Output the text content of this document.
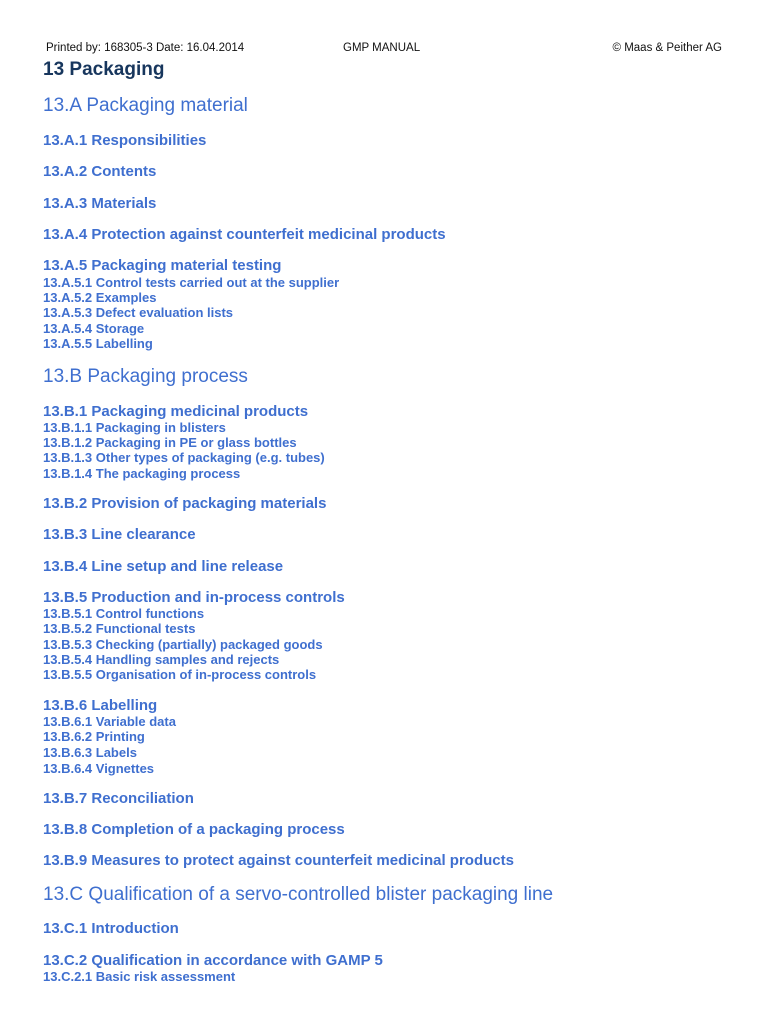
Printed by: 168305-3 Date: 16.04.2014	GMP MANUAL	© Maas & Peither AG
13 Packaging
13.A Packaging material
13.A.1 Responsibilities
13.A.2 Contents
13.A.3 Materials
13.A.4 Protection against counterfeit medicinal products
13.A.5 Packaging material testing
13.A.5.1 Control tests carried out at the supplier
13.A.5.2 Examples
13.A.5.3 Defect evaluation lists
13.A.5.4 Storage
13.A.5.5 Labelling
13.B Packaging process
13.B.1 Packaging medicinal products
13.B.1.1 Packaging in blisters
13.B.1.2 Packaging in PE or glass bottles
13.B.1.3 Other types of packaging (e.g. tubes)
13.B.1.4 The packaging process
13.B.2 Provision of packaging materials
13.B.3 Line clearance
13.B.4 Line setup and line release
13.B.5 Production and in-process controls
13.B.5.1 Control functions
13.B.5.2 Functional tests
13.B.5.3 Checking (partially) packaged goods
13.B.5.4 Handling samples and rejects
13.B.5.5 Organisation of in-process controls
13.B.6 Labelling
13.B.6.1 Variable data
13.B.6.2 Printing
13.B.6.3 Labels
13.B.6.4 Vignettes
13.B.7 Reconciliation
13.B.8 Completion of a packaging process
13.B.9 Measures to protect against counterfeit medicinal products
13.C Qualification of a servo-controlled blister packaging line
13.C.1 Introduction
13.C.2 Qualification in accordance with GAMP 5
13.C.2.1 Basic risk assessment
